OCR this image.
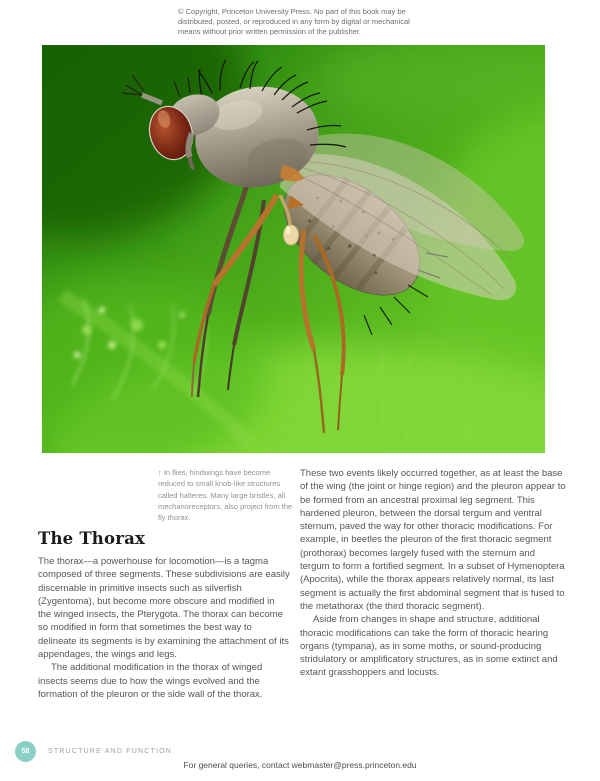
© Copyright, Princeton University Press. No part of this book may be
distributed, posted, or reproduced in any form by digital or mechanical
means without prior written permission of the publisher.
↑ In flies, hindwings have become reduced to small knob-like structures called halteres. Many large bristles, all mechanoreceptors, also project from the fly thorax.
The Thorax

The thorax—a powerhouse for locomotion—is a tagma composed of three segments. These subdivisions are easily discernable in primitive insects such as silverfish (Zygentoma), but become more obscure and modified in the winged insects, the Pterygota. The thorax can become so modified in form that sometimes the best way to delineate its segments is by examining the attachment of its appendages, the wings and legs.

The additional modification in the thorax of winged insects seems due to how the wings evolved and the formation of the pleuron or the side wall of the thorax.

These two events likely occurred together, as at least the base of the wing (the joint or hinge region) and the pleuron appear to be formed from an ancestral proximal leg segment. This hardened pleuron, between the dorsal tergum and ventral sternum, paved the way for other thoracic modifications. For example, in beetles the pleuron of the first thoracic segment (prothorax) becomes largely fused with the sternum and tergum to form a fortified segment. In a subset of Hymenoptera (Apocrita), while the thorax appears relatively normal, its last segment is actually the first abdominal segment that is fused to the metathorax (the third thoracic segment).

Aside from changes in shape and structure, additional thoracic modifications can take the form of thoracic hearing organs (tympana), as in some moths, or sound-producing stridulatory or amplificatory structures, as in some extinct and extant grasshoppers and locusts.

58	STRUCTURE AND FUNCTION
For general queries, contact webmaster@press.princeton.edu
